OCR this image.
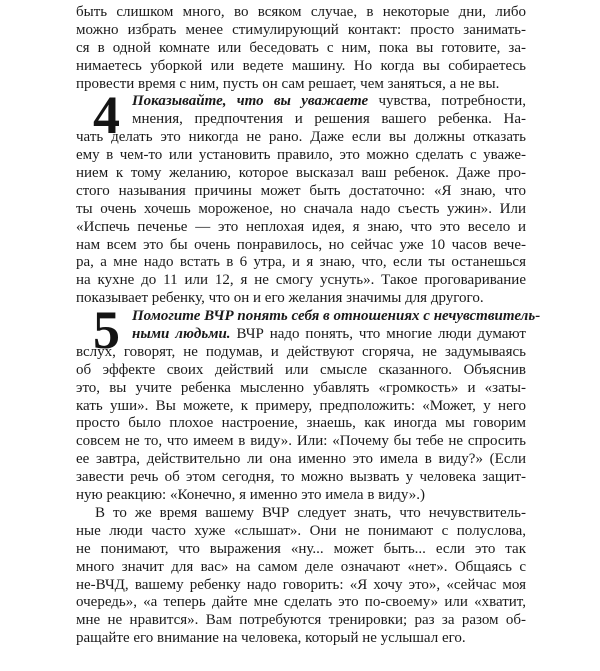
быть слишком много, во всяком случае, в некоторые дни, либо
можно избрать менее стимулирующий контакт: просто занимать-
ся в одной комнате или беседовать с ним, пока вы готовите, за-
нимаетесь уборкой или ведете машину. Но когда вы собираетесь
провести время с ним, пусть он сам решает, чем заняться, а не вы.
4 Показывайте, что вы уважаете чувства, потребности,
мнения, предпочтения и решения вашего ребенка. На-
чать делать это никогда не рано. Даже если вы должны отказать
ему в чем-то или установить правило, это можно сделать с уваже-
нием к тому желанию, которое высказал ваш ребенок. Даже про-
стого называния причины может быть достаточно: «Я знаю, что
ты очень хочешь мороженое, но сначала надо съесть ужин». Или
«Испечь печенье — это неплохая идея, я знаю, что это весело и
нам всем это бы очень понравилось, но сейчас уже 10 часов вече-
ра, а мне надо встать в 6 утра, и я знаю, что, если ты останешься
на кухне до 11 или 12, я не смогу уснуть». Такое проговаривание
показывает ребенку, что он и его желания значимы для другого.
5 Помогите ВЧР понять себя в отношениях с нечувствитель-
ными людьми. ВЧР надо понять, что многие люди думают
вслух, говорят, не подумав, и действуют сгоряча, не задумываясь
об эффекте своих действий или смысле сказанного. Объяснив
это, вы учите ребенка мысленно убавлять «громкость» и «заты-
кать уши». Вы можете, к примеру, предположить: «Может, у него
просто было плохое настроение, знаешь, как иногда мы говорим
совсем не то, что имеем в виду». Или: «Почему бы тебе не спросить
ее завтра, действительно ли она именно это имела в виду?» (Если
завести речь об этом сегодня, то можно вызвать у человека защит-
ную реакцию: «Конечно, я именно это имела в виду».)
В то же время вашему ВЧР следует знать, что нечувствитель-
ные люди часто хуже «слышат». Они не понимают с полуслова,
не понимают, что выражения «ну... может быть... если это так
много значит для вас» на самом деле означают «нет». Общаясь с
не-ВЧД, вашему ребенку надо говорить: «Я хочу это», «сейчас моя
очередь», «а теперь дайте мне сделать это по-своему» или «хватит,
мне не нравится». Вам потребуются тренировки; раз за разом об-
ращайте его внимание на человека, который не услышал его.
